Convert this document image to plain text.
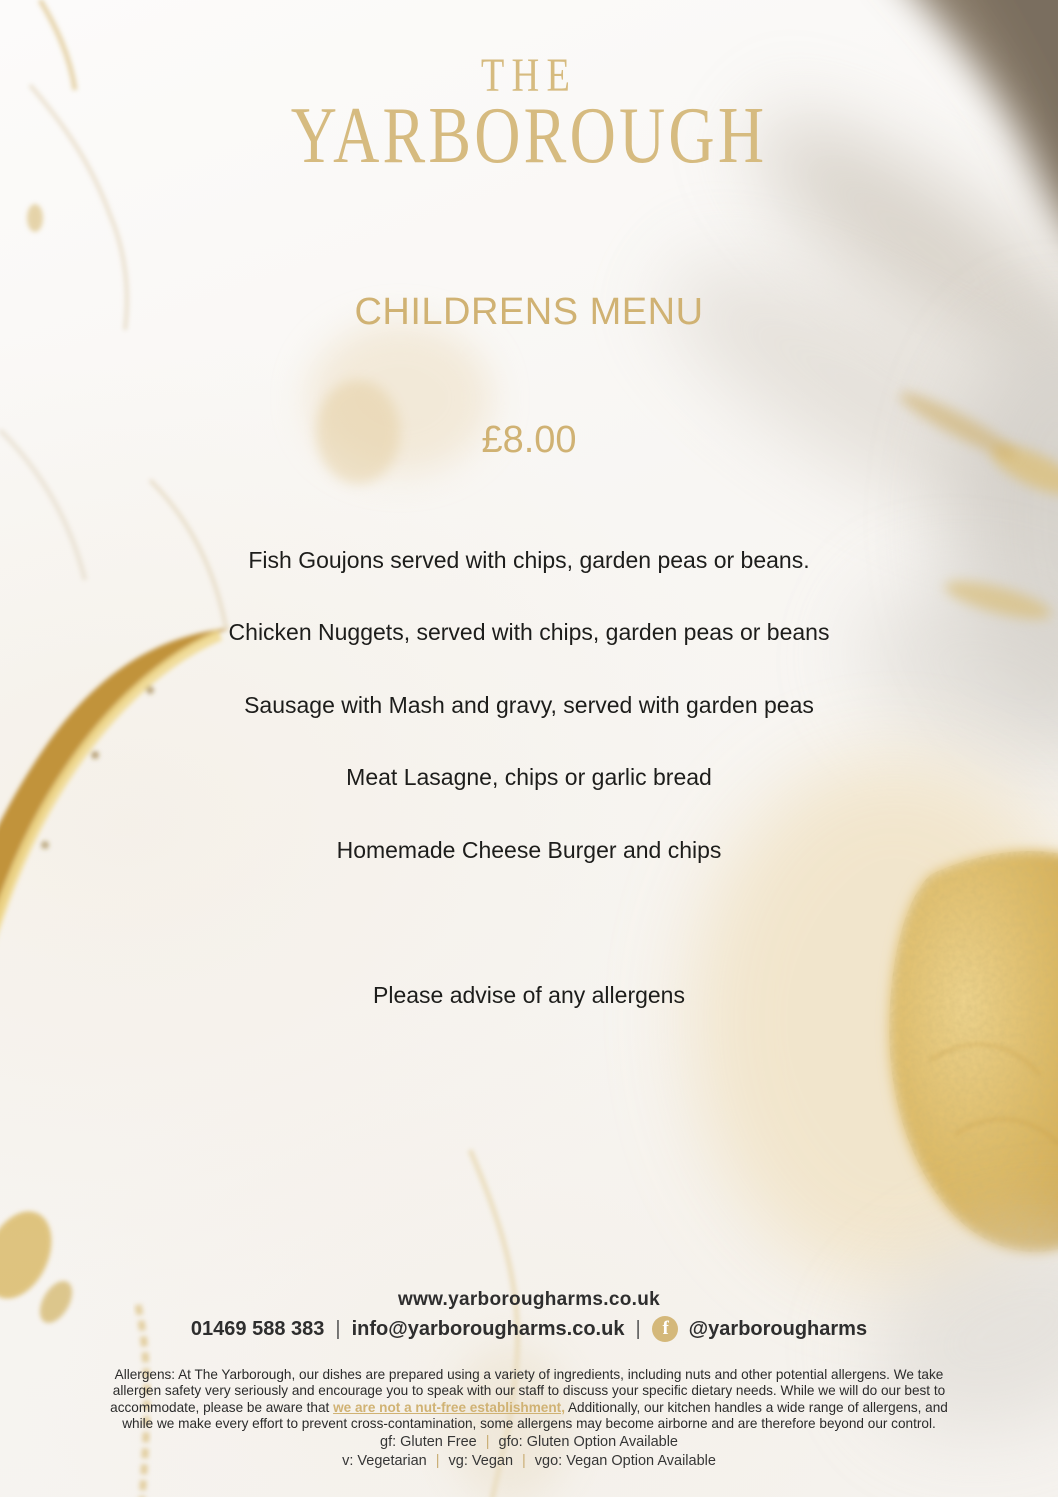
THE
YARBOROUGH
CHILDRENS MENU
£8.00
Fish Goujons served with chips, garden peas or beans.
Chicken Nuggets, served with chips, garden peas or beans
Sausage with Mash and gravy, served with garden peas
Meat Lasagne, chips or garlic bread
Homemade Cheese Burger and chips
Please advise of any allergens
www.yarborougharms.co.uk
01469 588 383 | info@yarborougharms.co.uk | f @yarborougharms

Allergens: At The Yarborough, our dishes are prepared using a variety of ingredients, including nuts and other potential allergens. We take allergen safety very seriously and encourage you to speak with our staff to discuss your specific dietary needs. While we will do our best to accommodate, please be aware that we are not a nut-free establishment, Additionally, our kitchen handles a wide range of allergens, and while we make every effort to prevent cross-contamination, some allergens may become airborne and are therefore beyond our control.

gf: Gluten Free | gfo: Gluten Option Available
v: Vegetarian | vg: Vegan | vgo: Vegan Option Available
